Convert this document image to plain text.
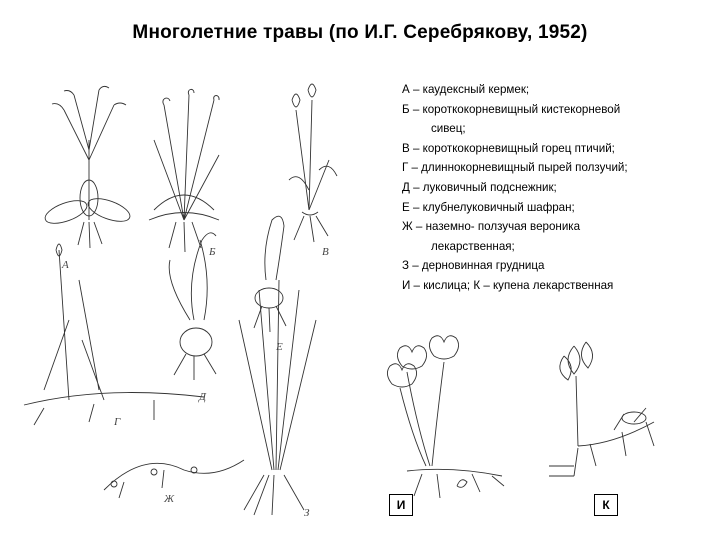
Многолетние травы (по И.Г. Серебрякову, 1952)
А
Б	В
Г
Д
Е
Ж
З
А – каудексный кермек;
Б – короткокорневищный кистекорневой
сивец;
В – короткокорневищный горец птичий;
Г – длиннокорневищный пырей ползучий;
Д – луковичный подснежник;
Е – клубнелуковичный шафран;
Ж – наземно- ползучая вероника
лекарственная;
З – дерновинная грудница
И – кислица; К – купена лекарственная
И	К
